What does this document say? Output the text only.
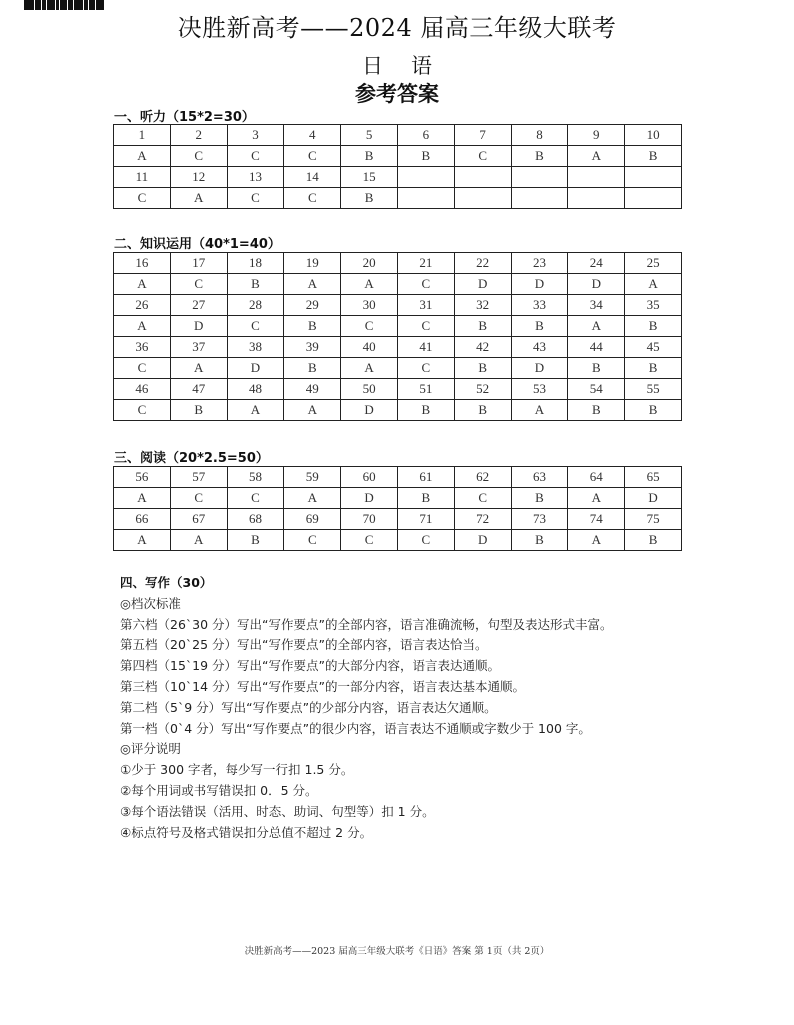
决胜新高考——2024 届高三年级大联考
日语
参考答案
一、听力（15*2=30）
1	2	3	4	5	6	7	8	9	10
A	C	C	C	B	B	C	B	A	B
11	12	13	14	15					
C	A	C	C	B					
二、知识运用（40*1=40）
16	17	18	19	20	21	22	23	24	25
A	C	B	A	A	C	D	D	D	A
26	27	28	29	30	31	32	33	34	35
A	D	C	B	C	C	B	B	A	B
36	37	38	39	40	41	42	43	44	45
C	A	D	B	A	C	B	D	B	B
46	47	48	49	50	51	52	53	54	55
C	B	A	A	D	B	B	A	B	B
三、阅读（20*2.5=50）
56	57	58	59	60	61	62	63	64	65
A	C	C	A	D	B	C	B	A	D
66	67	68	69	70	71	72	73	74	75
A	A	B	C	C	C	D	B	A	B
四、写作（30）
◎档次标准
第六档（26`30 分）写出“写作要点”的全部内容，语言准确流畅，句型及表达形式丰富。
第五档（20`25 分）写出“写作要点”的全部内容，语言表达恰当。
第四档（15`19 分）写出“写作要点”的大部分内容，语言表达通顺。
第三档（10`14 分）写出“写作要点”的一部分内容，语言表达基本通顺。
第二档（5`9 分）写出“写作要点”的少部分内容，语言表达欠通顺。
第一档（0`4 分）写出“写作要点”的很少内容，语言表达不通顺或字数少于 100 字。
◎评分说明
①少于 300 字者，每少写一行扣 1.5 分。
②每个用词或书写错误扣 0．5 分。
③每个语法错误（活用、时态、助词、句型等）扣 1 分。
④标点符号及格式错误扣分总值不超过 2 分。
决胜新高考——2023 届高三年级大联考《日语》答案 第 1页（共 2页）
